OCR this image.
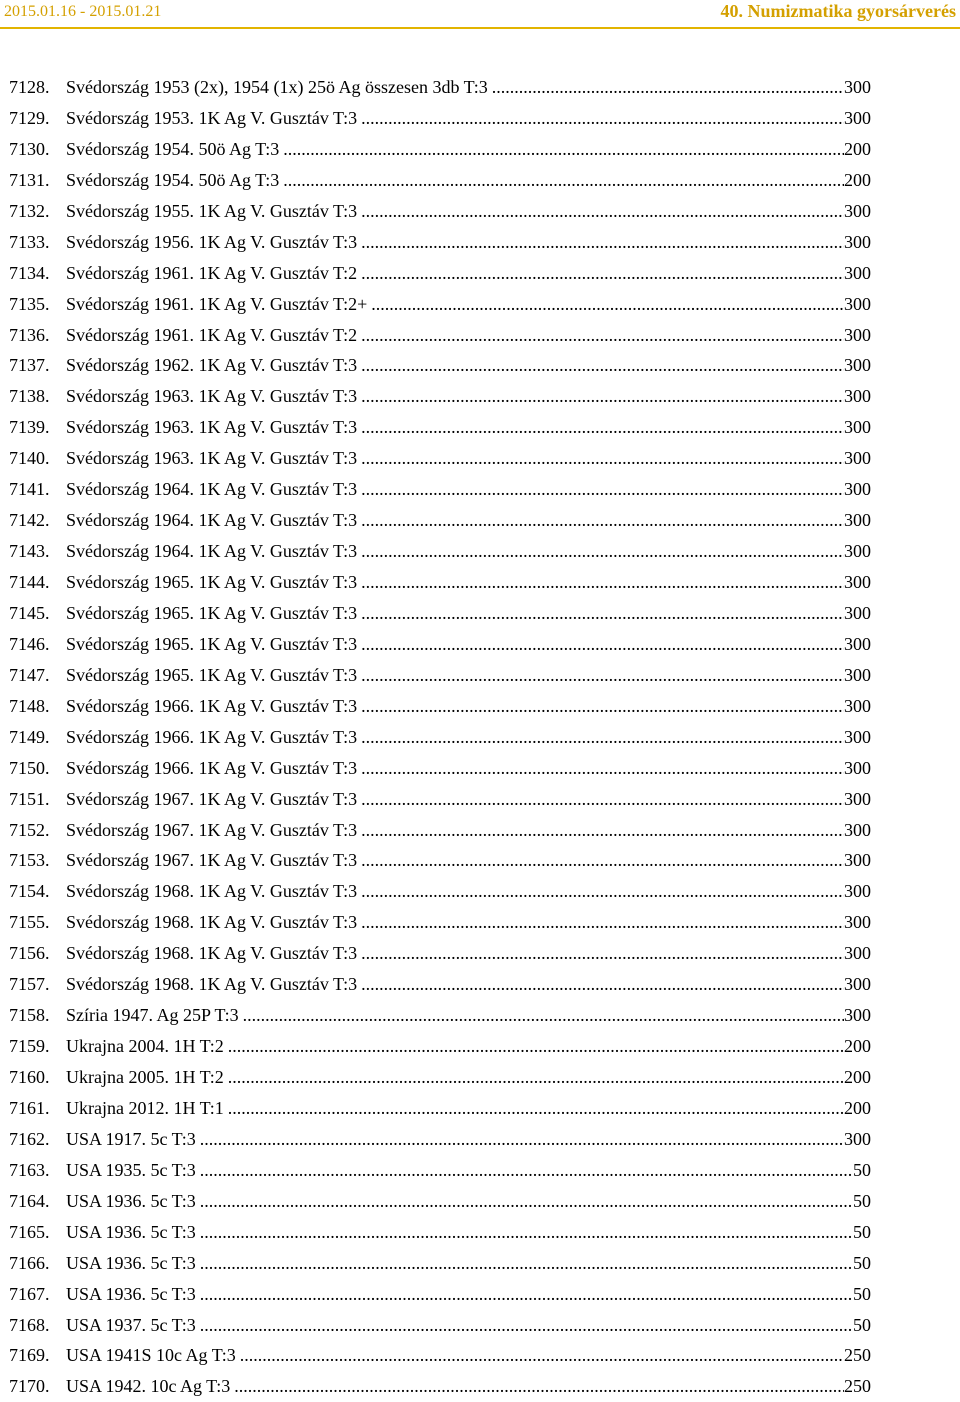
2015.01.16 - 2015.01.21	40. Numizmatika gyorsárverés
7128. Svédország 1953 (2x), 1954 (1x) 25ö Ag összesen 3db T:3 .....	300
7129. Svédország 1953. 1K Ag V. Gusztáv T:3 .....	300
7130. Svédország 1954. 50ö Ag T:3 .....	200
7131. Svédország 1954. 50ö Ag T:3 .....	200
7132. Svédország 1955. 1K Ag V. Gusztáv T:3 .....	300
7133. Svédország 1956. 1K Ag V. Gusztáv T:3 .....	300
7134. Svédország 1961. 1K Ag V. Gusztáv T:2 .....	300
7135. Svédország 1961. 1K Ag V. Gusztáv T:2+ .....	300
7136. Svédország 1961. 1K Ag V. Gusztáv T:2 .....	300
7137. Svédország 1962. 1K Ag V. Gusztáv T:3 .....	300
7138. Svédország 1963. 1K Ag V. Gusztáv T:3 .....	300
7139. Svédország 1963. 1K Ag V. Gusztáv T:3 .....	300
7140. Svédország 1963. 1K Ag V. Gusztáv T:3 .....	300
7141. Svédország 1964. 1K Ag V. Gusztáv T:3 .....	300
7142. Svédország 1964. 1K Ag V. Gusztáv T:3 .....	300
7143. Svédország 1964. 1K Ag V. Gusztáv T:3 .....	300
7144. Svédország 1965. 1K Ag V. Gusztáv T:3 .....	300
7145. Svédország 1965. 1K Ag V. Gusztáv T:3 .....	300
7146. Svédország 1965. 1K Ag V. Gusztáv T:3 .....	300
7147. Svédország 1965. 1K Ag V. Gusztáv T:3 .....	300
7148. Svédország 1966. 1K Ag V. Gusztáv T:3 .....	300
7149. Svédország 1966. 1K Ag V. Gusztáv T:3 .....	300
7150. Svédország 1966. 1K Ag V. Gusztáv T:3 .....	300
7151. Svédország 1967. 1K Ag V. Gusztáv T:3 .....	300
7152. Svédország 1967. 1K Ag V. Gusztáv T:3 .....	300
7153. Svédország 1967. 1K Ag V. Gusztáv T:3 .....	300
7154. Svédország 1968. 1K Ag V. Gusztáv T:3 .....	300
7155. Svédország 1968. 1K Ag V. Gusztáv T:3 .....	300
7156. Svédország 1968. 1K Ag V. Gusztáv T:3 .....	300
7157. Svédország 1968. 1K Ag V. Gusztáv T:3 .....	300
7158. Szíria 1947. Ag 25P T:3 .....	300
7159. Ukrajna 2004. 1H T:2 .....	200
7160. Ukrajna 2005. 1H T:2 .....	200
7161. Ukrajna 2012. 1H T:1 .....	200
7162. USA 1917. 5c T:3 .....	300
7163. USA 1935. 5c T:3 .....	50
7164. USA 1936. 5c T:3 .....	50
7165. USA 1936. 5c T:3 .....	50
7166. USA 1936. 5c T:3 .....	50
7167. USA 1936. 5c T:3 .....	50
7168. USA 1937. 5c T:3 .....	50
7169. USA 1941S 10c Ag T:3 .....	250
7170. USA 1942. 10c Ag T:3 .....	250
